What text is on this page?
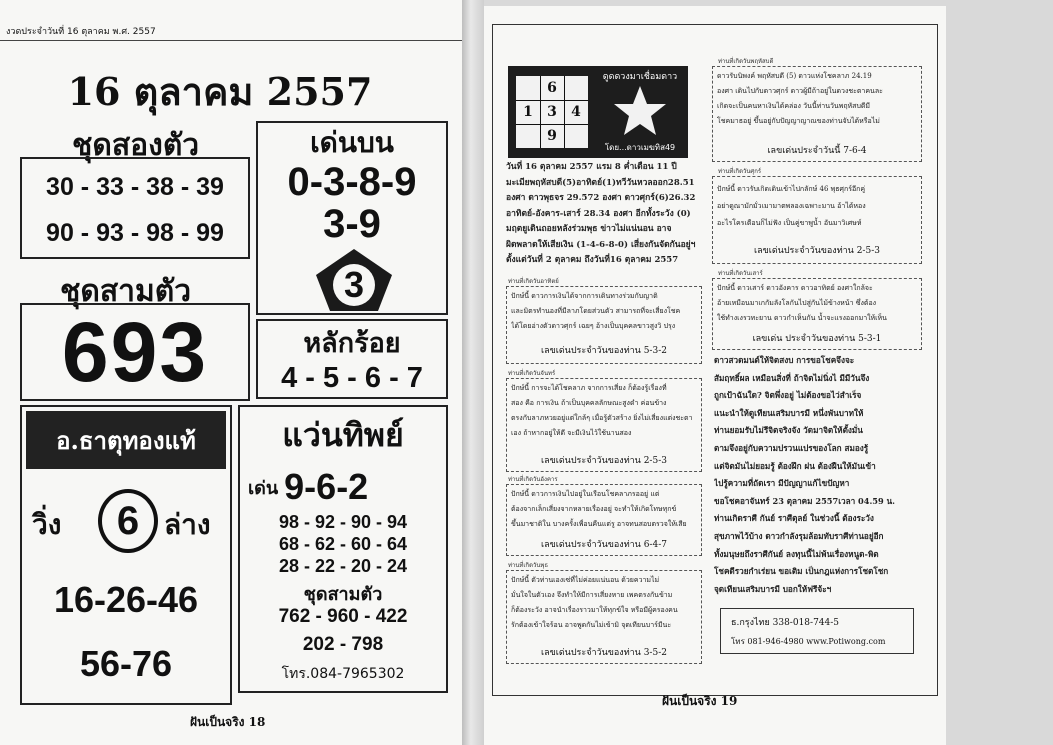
งวดประจำวันที่ 16 ตุลาคม พ.ศ. 2557
16 ตุลาคม 2557
ชุดสองตัว
30 - 33 - 38 - 39
90 - 93 - 98 - 99
เด่นบน
0-3-8-9
3-9
3
ชุดสามตัว
693	หลักร้อย
4 - 5 - 6 - 7
อ.ธาตุทองแท้
วิ่ง	6 ล่าง
16-26-46
56-76
แว่นทิพย์
เด่น 9-6-2
98 - 92 - 90 - 94
68 - 62 - 60 - 64
28 - 22 - 20 - 24
ชุดสามตัว
762 - 960 - 422
202 - 798
โทร.084-7965302
ฝันเป็นจริง 18
6
1	3	4
9
ดูดดวงมาเชื่อมดาว
โดย...ดาวเมฆทิส49
วันที่ 16 ตุลาคม 2557 แรม 8 ค่ำเดือน 11 ปี
มะเมียพฤหัสบดี(5)อาทิตย์(1)ทวีวันหวลออก28.51
องศา ดาวพุธจร 29.572 องศา ดาวศุกร์(6)26.32
อาทิตย์-อังคาร-เสาร์ 28.34 องศา อีกทั้งระวัง (0)
มฤตยูเดินถอยหลังร่วมพุธ ข่าวไม่แน่นอน อาจ
ผิดพลาดให้เสียเงิน (1-4-6-8-0) เสี่ยงกันจัดกันอยู่ฯ
ตั้งแต่วันที่ 2 ตุลาคม ถึงวันที่16 ตุลาคม 2557
ท่านที่เกิดวันอาทิตย์
ปักษ์นี้ ดาวการเงินได้จากการเดินทางร่วมกับญาติ
และมิตรทำนองที่มีลาภโดยส่วนตัว สามารถที่จะเสี่ยงโชค
ได้โดยอ่างตัวดาวศุกร์ เฉยๆ อ้างเป็นบุคคลขาวสูงวิ ปรุง
เลขเด่นประจำวันของท่าน 5-3-2
ท่านที่เกิดวันจันทร์
ปักษ์นี้ การจะได้โชคลาภ จากการเสี่ยง ก็ต้องรู้เรื่องที่
สอง คือ การเงิน ถ้าเป็นบุคคลลักษณะสูงดำ ค่อนข้าง
ตรงกับลาภหวยอยู่แต่ใกล้ๆ เมื่อรู้ตัวสร้าง ยิ่งไม่เสี่ยงแต่งชะตา
เอง ถ้าหากอยู่ให้ดี จะมีเงินไว้ใช้นานสอง
เลขเด่นประจำวันของท่าน 2-5-3
ท่านที่เกิดวันอังคาร
ปักษ์นี้ ดาวการเงินไปอยู่ในเรือนโชคลาภรออยู่ แต่
ต้องจากเล็กเสี่ยงจากหลายเรื่องอยู่ จะทำให้เกิดโทษทุกข์
ขึ้นมาชาติใน บางครั้งเพื่อนคืนแต่รู อาจทนสอบตรวจให้เสีย
เลขเด่นประจำวันของท่าน 6-4-7
ท่านที่เกิดวันพุธ
ปักษ์นี้ ตัวท่านเองเซ่ที่ไม่ค่อยแน่นอน ด้วยความไม่
มั่นใจในตัวเอง จึงทำให้มีการเสี่ยงหาย เพคตรงกันข้าม
ก็ต้องระวัง อาจนำเรื่องราวมาให้ทุกข์ใจ หรือมีผู้ครองคน
รักต้องเข้าใจร้อน อาจพูดกันไม่เข้ามิ จุดเทียนบาร์มีนะ
เลขเด่นประจำวันของท่าน 3-5-2
ท่านที่เกิดวันพฤหัสบดี
ดาวรับนิพงค์ พฤหัสบดี (5) ดาวแห่งโชคลาภ 24.19
องศา เดินไปกับดาวศุกร์ ดาวผู้มีถ้าอยู่ในดวงชะตาคนละ
เกิดจะเป็นคนหาเงินได้คล่อง วันนี้ท่านวันพฤหัสบดีมี
โชคมาธอยู่ ขึ้นอยู่กับปัญญาญาณของท่านจับได้หรือไม่
เลขเด่นประจำวันนี้ 7-6-4
ท่านที่เกิดวันศุกร์
ปักษ์นี้ ดาวรับเกิดเดินเข้าไปกลักษ์ 46 พุธศุกร์อีกคู่
อย่าดูณามักมั่วเมามาตพลองเฉพาะมาน อ้าได้หอง
อะไรโครเตือนก็ไม่ฟัง เป็นคู่ขาพูน้ำ อันมาวิเศษห์
เลขเด่นประจำวันของท่าน 2-5-3
ท่านที่เกิดวันเสาร์
ปักษ์นี้ ดาวเสาร์ ดาวอังคาร ดาวอาทิตย์ องศาใกล้จะ
อ้ายเหมือนมาเกกัมลังโลกันไปสู่กันไม้ข้างหน้า ซึ่งต้อง
ใช้ทำงเงรวทะยาน ดาวกำเห็นกัน น้ำจะแรงออกมาให้เห็น
เลขเด่น ประจำวันของท่าน 5-3-1
ดาวสวดมนต์ให้จิตสงบ การขอโชคจึงจะ
สัมฤทธิ์ผล เหมือนสิ่งที่ ถ้าจิตไม่นิ่งไ มีมีวันจึง
ถูกเป้าฉันใด? จิตพึ่งอยู่ ไม่ต้องขอไว่สำเร็จ
แนะนำให้ดูเทียนเสริมบารมี หนึ่งพันบาทให้
ท่านยอมรับไม่รีจิตจริงจัง วัดมาจิตให้ตั้งมั่น
ตามจึงอยู่กับความปรวนแปรของโลก สมองรู้
แต่จิตมันไม่ยอมรู้ ต้องฝึก ฝน ต้องฝืนให้มันเข้า
ไปรู้ความที่ถัดเรา มีปัญญาแก้ไขปัญหา
ขอโชคอาจันทร์ 23 ตุลาคม 2557เวลา 04.59 น.
ท่านเกิดราศี กันย์ ราศีตุลย์ ในช่วงนี้ ต้องระวัง
สุขภาพไว้บ้าง ดาวกำลังรุมล้อมทับราศีท่านอยู่อีก
ทั้งมนุษยถึงราศีกันย์ ลงทุนนี้ไม่พ้นเรื่องหนูด-พิต
โชคดีรวยกำเร่ยน ขอเติม เป็นกฎแห่งการโชตโชก
จุดเทียนเสริมบารมี บอกให้ฟรีจ้ะฯ
ธ.กรุงไทย 338-018-744-5
โทร 081-946-4980 www.Potiwong.com
ฝันเป็นจริง 19
